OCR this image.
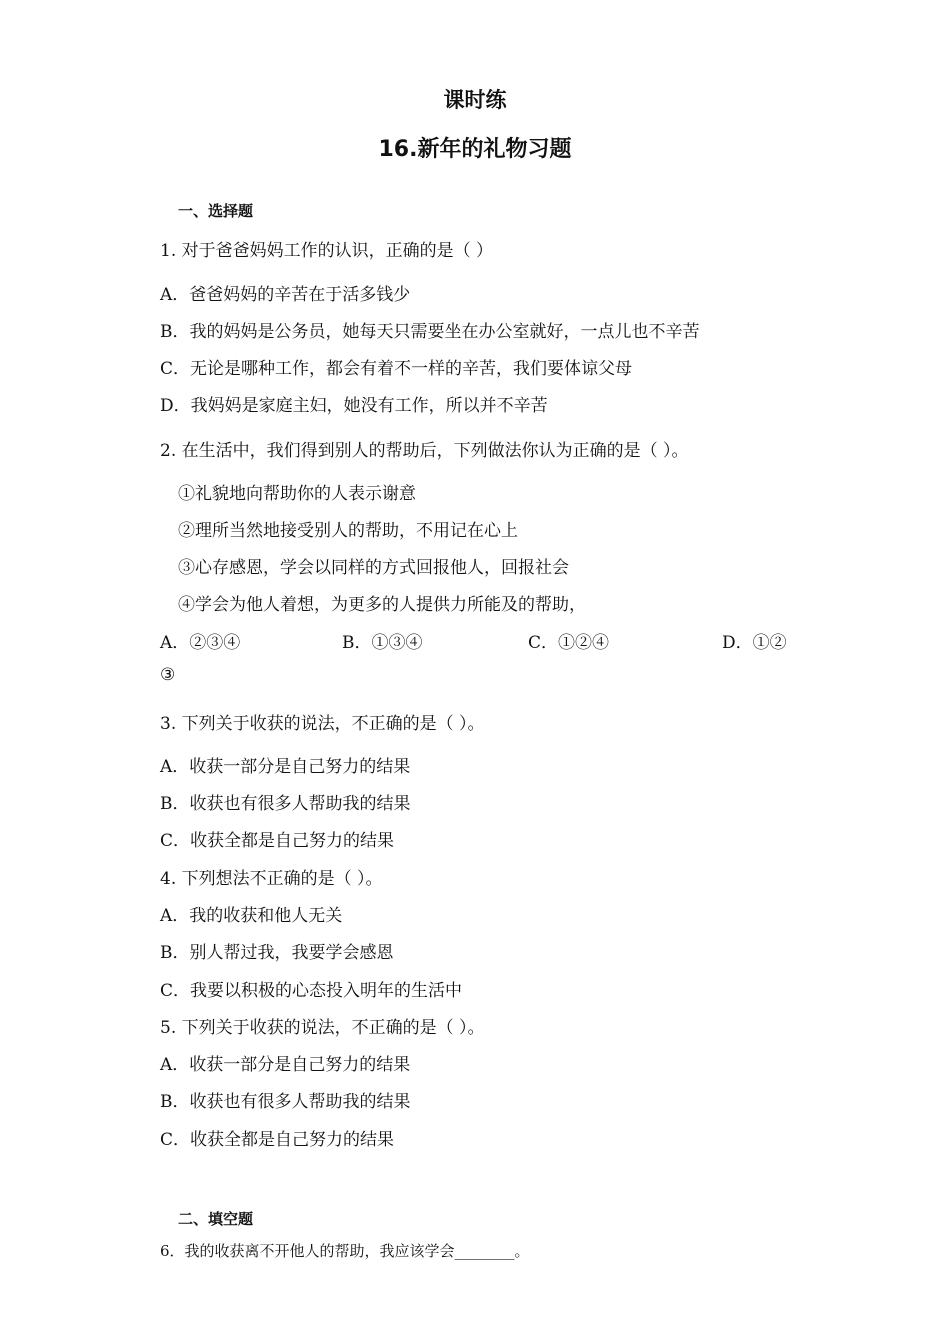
课时练
16.新年的礼物习题
一、选择题
1. 对于爸爸妈妈工作的认识，正确的是（ ）
A．爸爸妈妈的辛苦在于活多钱少
B．我的妈妈是公务员，她每天只需要坐在办公室就好，一点儿也不辛苦
C．无论是哪种工作，都会有着不一样的辛苦，我们要体谅父母
D．我妈妈是家庭主妇，她没有工作，所以并不辛苦
2. 在生活中，我们得到别人的帮助后，下列做法你认为正确的是（ ）。
①礼貌地向帮助你的人表示谢意
②理所当然地接受别人的帮助，不用记在心上
③心存感恩，学会以同样的方式回报他人，回报社会
④学会为他人着想，为更多的人提供力所能及的帮助，
A．②③④	B．①③④	C．①②④	D．①②
③
3. 下列关于收获的说法，不正确的是（ ）。
A．收获一部分是自己努力的结果
B．收获也有很多人帮助我的结果
C．收获全都是自己努力的结果
4. 下列想法不正确的是（ ）。
A．我的收获和他人无关
B．别人帮过我，我要学会感恩
C．我要以积极的心态投入明年的生活中
5. 下列关于收获的说法，不正确的是（ ）。
A．收获一部分是自己努力的结果
B．收获也有很多人帮助我的结果
C．收获全都是自己努力的结果
二、填空题
6．我的收获离不开他人的帮助，我应该学会________。
